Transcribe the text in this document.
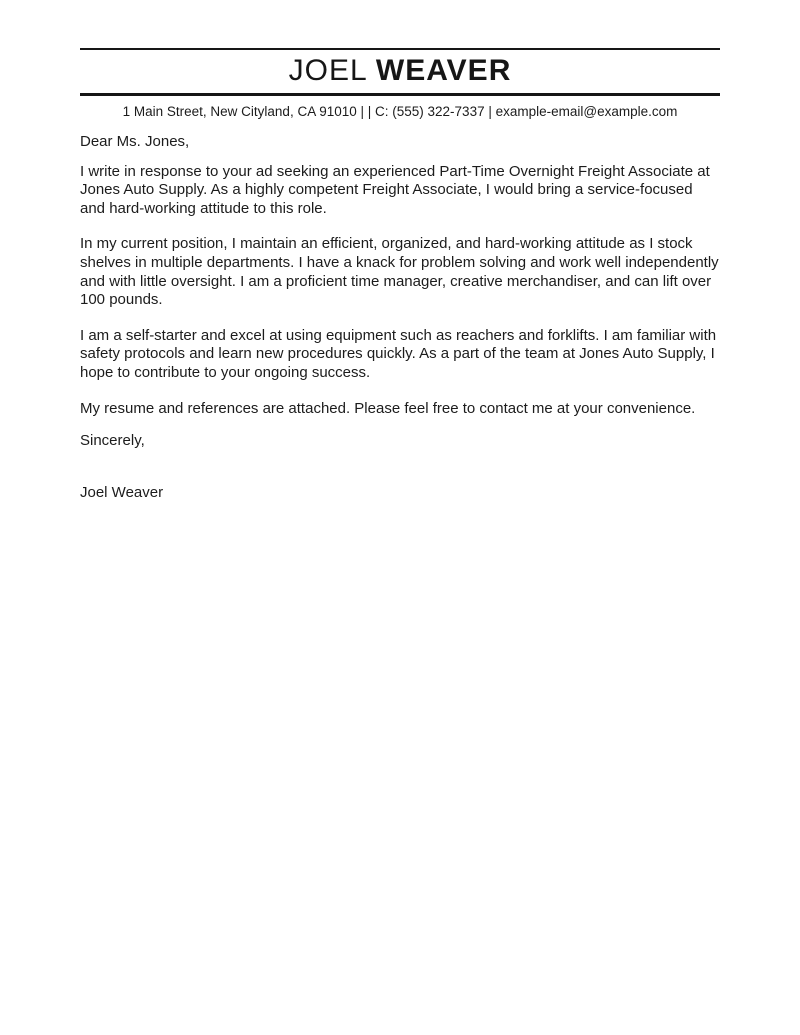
JOEL WEAVER
1 Main Street, New Cityland, CA 91010 | | C: (555) 322-7337 | example-email@example.com

Dear Ms. Jones,

I write in response to your ad seeking an experienced Part-Time Overnight Freight Associate at Jones Auto Supply. As a highly competent Freight Associate, I would bring a service-focused and hard-working attitude to this role.

In my current position, I maintain an efficient, organized, and hard-working attitude as I stock shelves in multiple departments. I have a knack for problem solving and work well independently and with little oversight. I am a proficient time manager, creative merchandiser, and can lift over 100 pounds.

I am a self-starter and excel at using equipment such as reachers and forklifts. I am familiar with safety protocols and learn new procedures quickly. As a part of the team at Jones Auto Supply, I hope to contribute to your ongoing success.

My resume and references are attached. Please feel free to contact me at your convenience.

Sincerely,

Joel Weaver
